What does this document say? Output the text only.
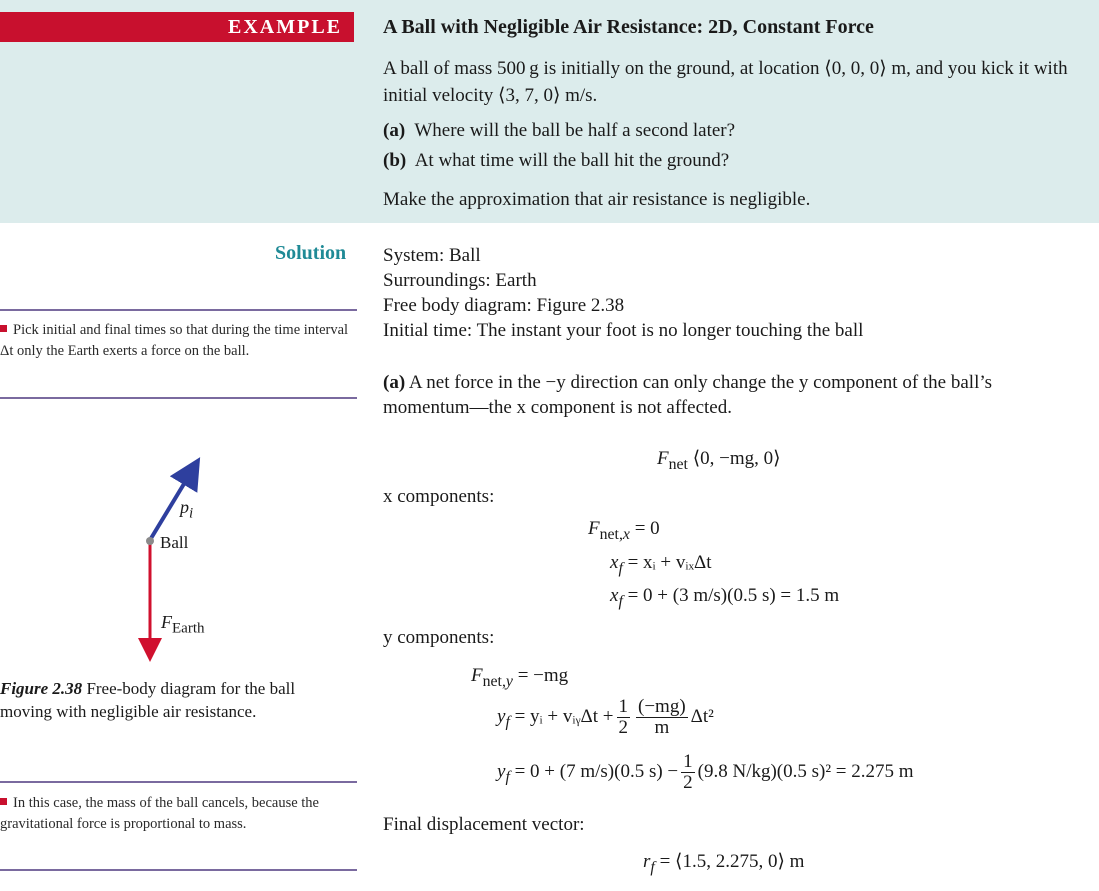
EXAMPLE	A Ball with Negligible Air Resistance: 2D, Constant Force
A ball of mass 500 g is initially on the ground, at location ⟨0, 0, 0⟩ m, and you kick it with initial velocity ⟨3, 7, 0⟩ m/s.
(a) Where will the ball be half a second later?
(b) At what time will the ball hit the ground?
Make the approximation that air resistance is negligible.
Solution System: Ball
Surroundings: Earth
Free body diagram: Figure 2.38
Initial time: The instant your foot is no longer touching the ball
(a) A net force in the −y direction can only change the y component of the ball’s momentum—the x component is not affected.
Pick initial and final times so that during the time interval Δt only the Earth exerts a force on the ball.
$F_{net}$ ⟨0, −mg, 0⟩
x components:
$F_{net,x} = 0$
$x_f$ = xᵢ + vᵢₓΔt
$x_f = 0 + (3$ m/s)(0.5 s) = 1.5 m
y components:
$F_{net,y} = -mg$
$y_f$ = yᵢ + vᵢᵧΔt + $\frac{1}{2} \frac{(-mg)}{m} \Delta t^2$
$y_f = 0 + (7$ m/s)(0.5 $s) - \frac{1}{2} (9.8$ N/kg)(0.5 s)² = 2.275 m
Final displacement vector:
$r_f$ = ⟨1.5, 2.275, 0⟩ m
$p_i$
Ball
$F_{Earth}$
Figure 2.38 Free-body diagram for the ball moving with negligible air resistance.
In this case, the mass of the ball cancels, because the gravitational force is proportional to mass.
